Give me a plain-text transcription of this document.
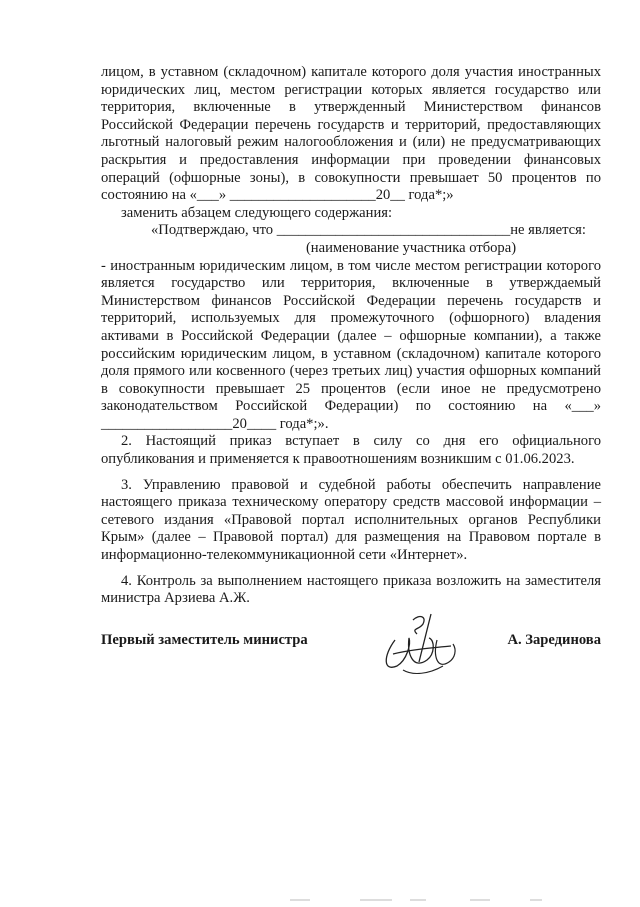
лицом, в уставном (складочном) капитале которого доля участия иностранных юридических лиц, местом регистрации которых является государство или территория, включенные в утвержденный Министерством финансов Российской Федерации перечень государств и территорий, предоставляющих льготный налоговый режим налогообложения и (или) не предусматривающих раскрытия и предоставления информации при проведении финансовых операций (офшорные зоны), в совокупности превышает 50 процентов по состоянию на «___» ____________________20__ года*;»

заменить абзацем следующего содержания:

«Подтверждаю, что ________________________________не является:

(наименование участника отбора)

- иностранным юридическим лицом, в том числе местом регистрации которого является государство или территория, включенные в утверждаемый Министерством финансов Российской Федерации перечень государств и территорий, используемых для промежуточного (офшорного) владения активами в Российской Федерации (далее – офшорные компании), а также российским юридическим лицом, в уставном (складочном) капитале которого доля прямого или косвенного (через третьих лиц) участия офшорных компаний в совокупности превышает 25 процентов (если иное не предусмотрено законодательством Российской Федерации) по состоянию на «___» __________________20____ года*;».

2. Настоящий приказ вступает в силу со дня его официального опубликования и применяется к правоотношениям возникшим с 01.06.2023.

3. Управлению правовой и судебной работы обеспечить направление настоящего приказа техническому оператору средств массовой информации – сетевого издания «Правовой портал исполнительных органов Республики Крым» (далее – Правовой портал) для размещения на Правовом портале в информационно-телекоммуникационной сети «Интернет».

4. Контроль за выполнением настоящего приказа возложить на заместителя министра Арзиева А.Ж.

Первый заместитель министра	А. Зарединова
